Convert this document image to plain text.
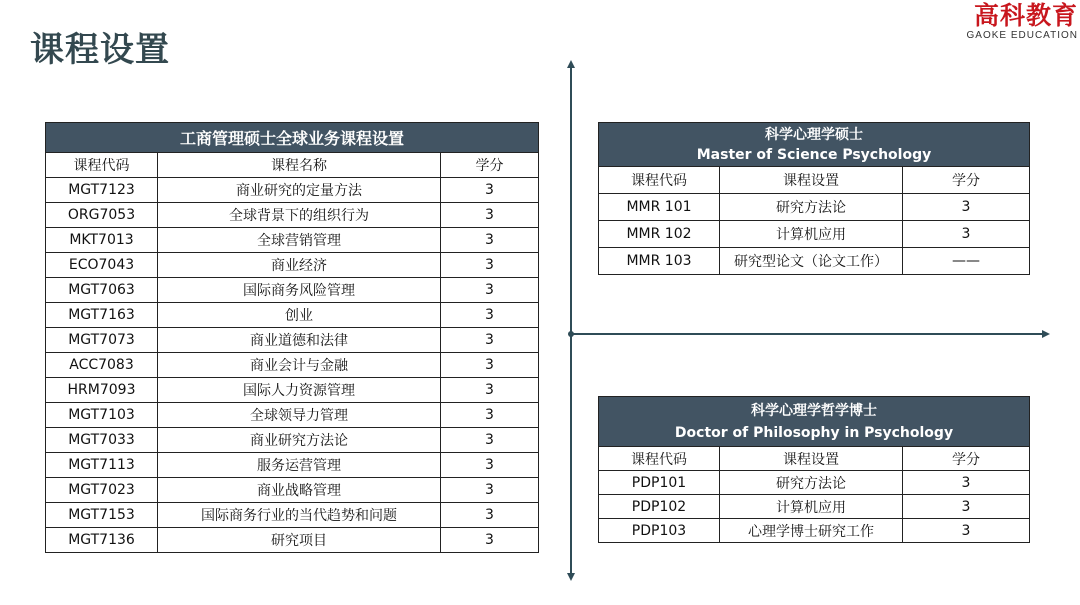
课程设置
高科教育
GAOKE EDUCATION
工商管理硕士全球业务课程设置		
课程代码	课程名称	学分
MGT7123	商业研究的定量方法	3
ORG7053	全球背景下的组织行为	3
MKT7013	全球营销管理	3
ECO7043	商业经济	3
MGT7063	国际商务风险管理	3
MGT7163	创业	3
MGT7073	商业道德和法律	3
ACC7083	商业会计与金融	3
HRM7093	国际人力资源管理	3
MGT7103	全球领导力管理	3
MGT7033	商业研究方法论	3
MGT7113	服务运营管理	3
MGT7023	商业战略管理	3
MGT7153	国际商务行业的当代趋势和问题	3
MGT7136	研究项目	3
科学心理学硕士
Master of Science Psychology		
课程代码	课程设置	学分
MMR 101	研究方法论	3
MMR 102	计算机应用	3
MMR 103	研究型论文（论文工作）	——
科学心理学哲学博士
Doctor of Philosophy in Psychology		
课程代码	课程设置	学分
PDP101	研究方法论	3
PDP102	计算机应用	3
PDP103	心理学博士研究工作	3
